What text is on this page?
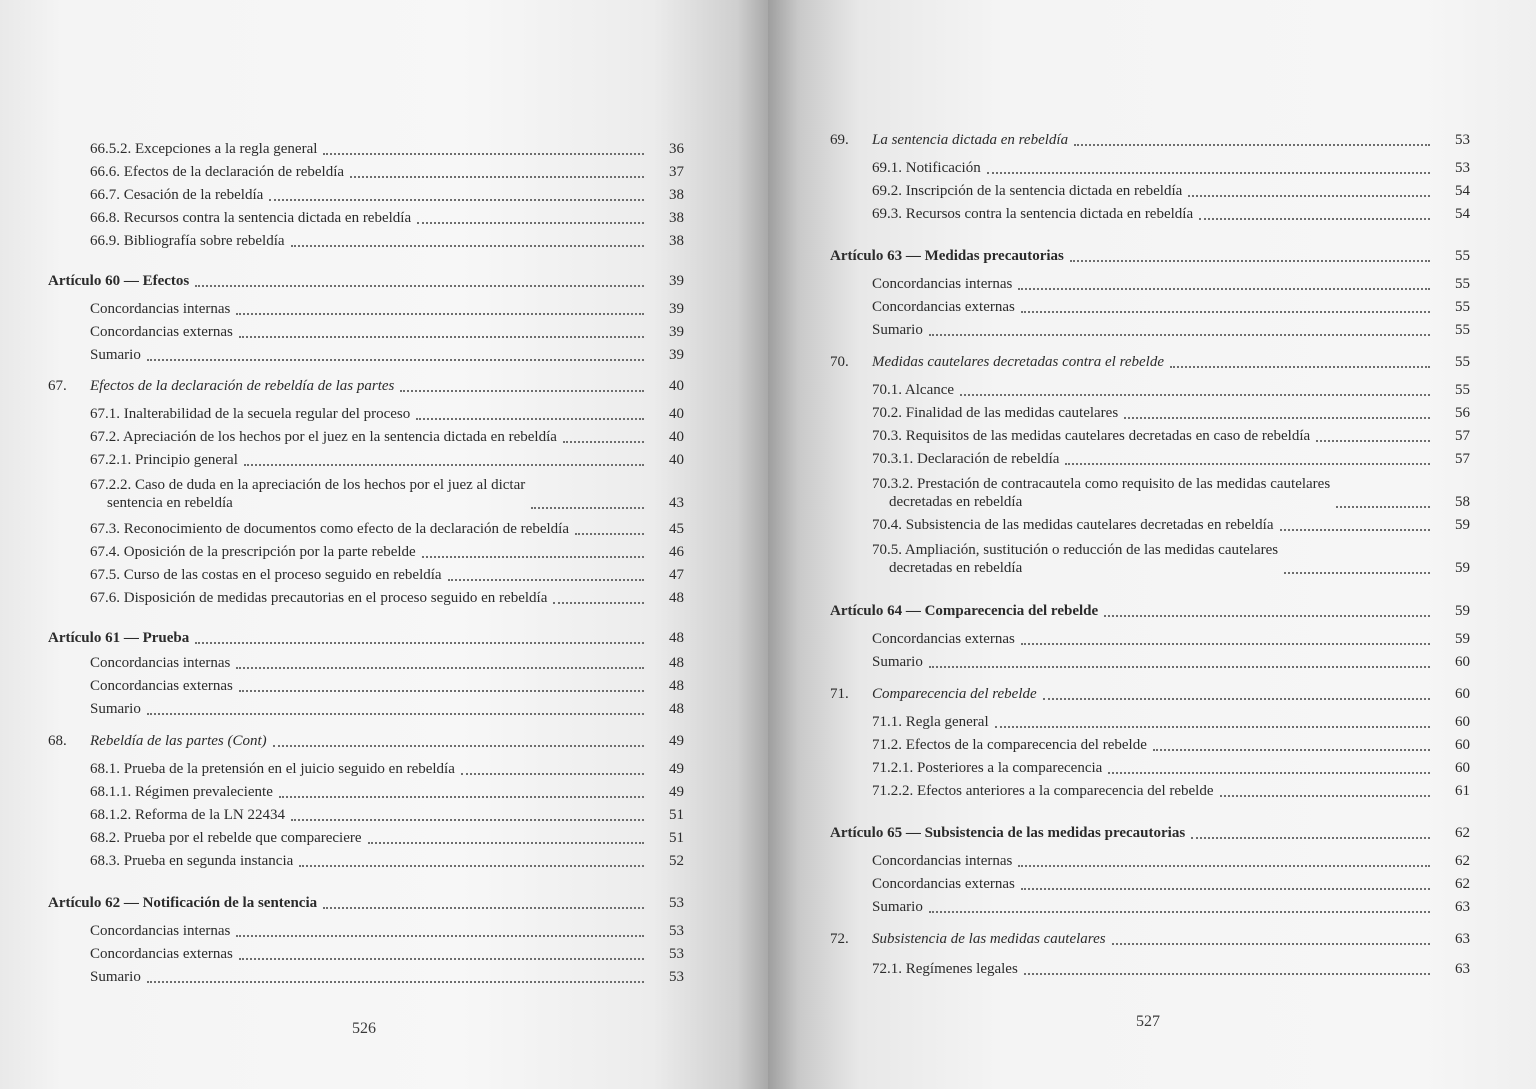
66.5.2. Excepciones a la regla general	36
66.6. Efectos de la declaración de rebeldía	37
66.7. Cesación de la rebeldía	38
66.8. Recursos contra la sentencia dictada en rebeldía	38
66.9. Bibliografía sobre rebeldía	38
Artículo 60 — Efectos	39
Concordancias internas	39
Concordancias externas	39
Sumario	39
67.	Efectos de la declaración de rebeldía de las partes	40
67.1. Inalterabilidad de la secuela regular del proceso	40
67.2. Apreciación de los hechos por el juez en la sentencia dictada en rebeldía	40
67.2.1. Principio general	40
67.2.2. Caso de duda en la apreciación de los hechos por el juez al dictar
sentencia en rebeldía	43
67.3. Reconocimiento de documentos como efecto de la declaración de rebeldía	45
67.4. Oposición de la prescripción por la parte rebelde	46
67.5. Curso de las costas en el proceso seguido en rebeldía	47
67.6. Disposición de medidas precautorias en el proceso seguido en rebeldía	48
Artículo 61 — Prueba	48
Concordancias internas	48
Concordancias externas	48
Sumario	48
68.	Rebeldía de las partes (Cont)	49
68.1. Prueba de la pretensión en el juicio seguido en rebeldía	49
68.1.1. Régimen prevaleciente	49
68.1.2. Reforma de la LN 22434	51
68.2. Prueba por el rebelde que compareciere	51
68.3. Prueba en segunda instancia	52
Artículo 62 — Notificación de la sentencia	53
Concordancias internas	53
Concordancias externas	53
Sumario	53
526
69.	La sentencia dictada en rebeldía	53
69.1. Notificación	53
69.2. Inscripción de la sentencia dictada en rebeldía	54
69.3. Recursos contra la sentencia dictada en rebeldía	54
Artículo 63 — Medidas precautorias	55
Concordancias internas	55
Concordancias externas	55
Sumario	55
70.	Medidas cautelares decretadas contra el rebelde	55
70.1. Alcance	55
70.2. Finalidad de las medidas cautelares	56
70.3. Requisitos de las medidas cautelares decretadas en caso de rebeldía	57
70.3.1. Declaración de rebeldía	57
70.3.2. Prestación de contracautela como requisito de las medidas cautelares
decretadas en rebeldía	58
70.4. Subsistencia de las medidas cautelares decretadas en rebeldía	59
70.5. Ampliación, sustitución o reducción de las medidas cautelares
decretadas en rebeldía	59
Artículo 64 — Comparecencia del rebelde	59
Concordancias externas	59
Sumario	60
71.	Comparecencia del rebelde	60
71.1. Regla general	60
71.2. Efectos de la comparecencia del rebelde	60
71.2.1. Posteriores a la comparecencia	60
71.2.2. Efectos anteriores a la comparecencia del rebelde	61
Artículo 65 — Subsistencia de las medidas precautorias	62
Concordancias internas	62
Concordancias externas	62
Sumario	63
72.	Subsistencia de las medidas cautelares	63
72.1. Regímenes legales	63
527
